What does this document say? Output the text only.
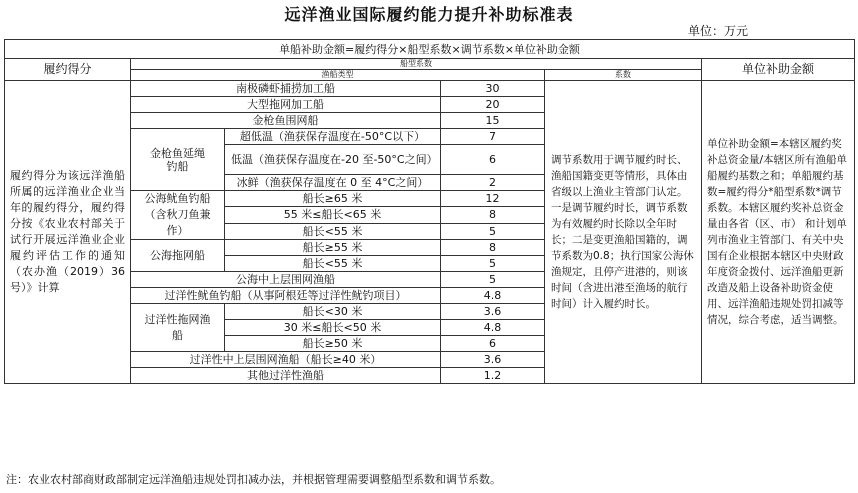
远洋渔业国际履约能力提升补助标准表
单位：万元
单船补助金额=履约得分×船型系数×调节系数×单位补助金额					
履约得分	船型系数				单位补助金额
	渔船类型			系数	
履约得分为该远洋渔船所属的远洋渔业企业当年的履约得分，履约得分按《农业农村部关于试行开展远洋渔业企业履约评估工作的通知（农办渔（2019）36号）》计算	南极磷虾捕捞加工船		30	调节系数用于调节履约时长、渔船国籍变更等情形，具体由省级以上渔业主管部门认定。一是调节履约时长，调节系数为有效履约时长除以全年时长；二是变更渔船国籍的，调节系数为0.8；执行国家公海休渔规定，且停产进港的，则该时间（含进出港至渔场的航行时间）计入履约时长。	单位补助金额=本辖区履约奖补总资金量/本辖区所有渔船单船履约基数之和；单船履约基数=履约得分*船型系数*调节系数。本辖区履约奖补总资金量由各省（区、市） 和计划单列市渔业主管部门、有关中央国有企业根据本辖区中央财政年度资金拨付、远洋渔船更新改造及船上设备补助资金使用、远洋渔船违规处罚扣减等情况，综合考虑，适当调整。
	大型拖网加工船		20		
	金枪鱼围网船		15		
	金枪鱼延绳钓船	超低温（渔获保存温度在-50°C以下）	7		
		低温（渔获保存温度在-20 至-50°C之间）	6		
		冰鲜（渔获保存温度在 0 至 4°C之间）	2		
	公海鱿鱼钓船（含秋刀鱼兼作）	船长≥65 米	12		
		55 米≤船长<65 米	8		
		船长<55 米	5		
	公海拖网船	船长≥55 米	8		
		船长<55 米	5		
	公海中上层围网渔船		5		
	过洋性鱿鱼钓船（从事阿根廷等过洋性鱿钓项目）		4.8		
	过洋性拖网渔船	船长<30 米	3.6		
		30 米≤船长<50 米	4.8		
		船长≥50 米	6		
	过洋性中上层围网渔船（船长≥40 米）		3.6		
	其他过洋性渔船		1.2		
注：农业农村部商财政部制定远洋渔船违规处罚扣减办法，并根据管理需要调整船型系数和调节系数。
